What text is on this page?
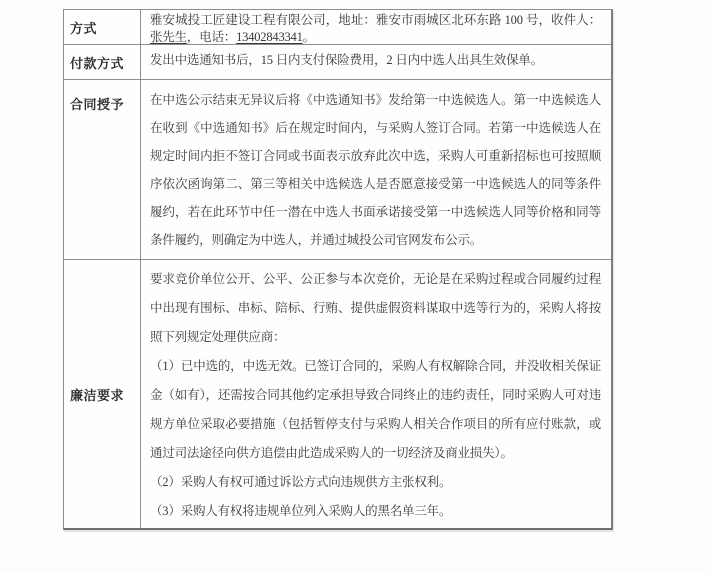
方式

雅安城投工匠建设工程有限公司，地址：雅安市雨城区北环东路 100 号，收件人：张先生，电话：13402843341。

付款方式 发出中选通知书后，15 日内支付保险费用，2 日内中选人出具生效保单。

合同授予 在中选公示结束无异议后将《中选通知书》发给第一中选候选人。第一中选候选人在收到《中选通知书》后在规定时间内，与采购人签订合同。若第一中选候选人在规定时间内拒不签订合同或书面表示放弃此次中选，采购人可重新招标也可按照顺序依次函询第二、第三等相关中选候选人是否愿意接受第一中选候选人的同等条件履约，若在此环节中任一潜在中选人书面承诺接受第一中选候选人同等价格和同等条件履约，则确定为中选人，并通过城投公司官网发布公示。

廉洁要求

要求竞价单位公开、公平、公正参与本次竞价，无论是在采购过程或合同履约过程中出现有围标、串标、陪标、行贿、提供虚假资料谋取中选等行为的，采购人将按照下列规定处理供应商：

（1）已中选的，中选无效。已签订合同的，采购人有权解除合同，并没收相关保证金（如有），还需按合同其他约定承担导致合同终止的违约责任，同时采购人可对违规方单位采取必要措施（包括暂停支付与采购人相关合作项目的所有应付账款，或通过司法途径向供方追偿由此造成采购人的一切经济及商业损失）。

（2）采购人有权可通过诉讼方式向违规供方主张权利。

（3）采购人有权将违规单位列入采购人的黑名单三年。
